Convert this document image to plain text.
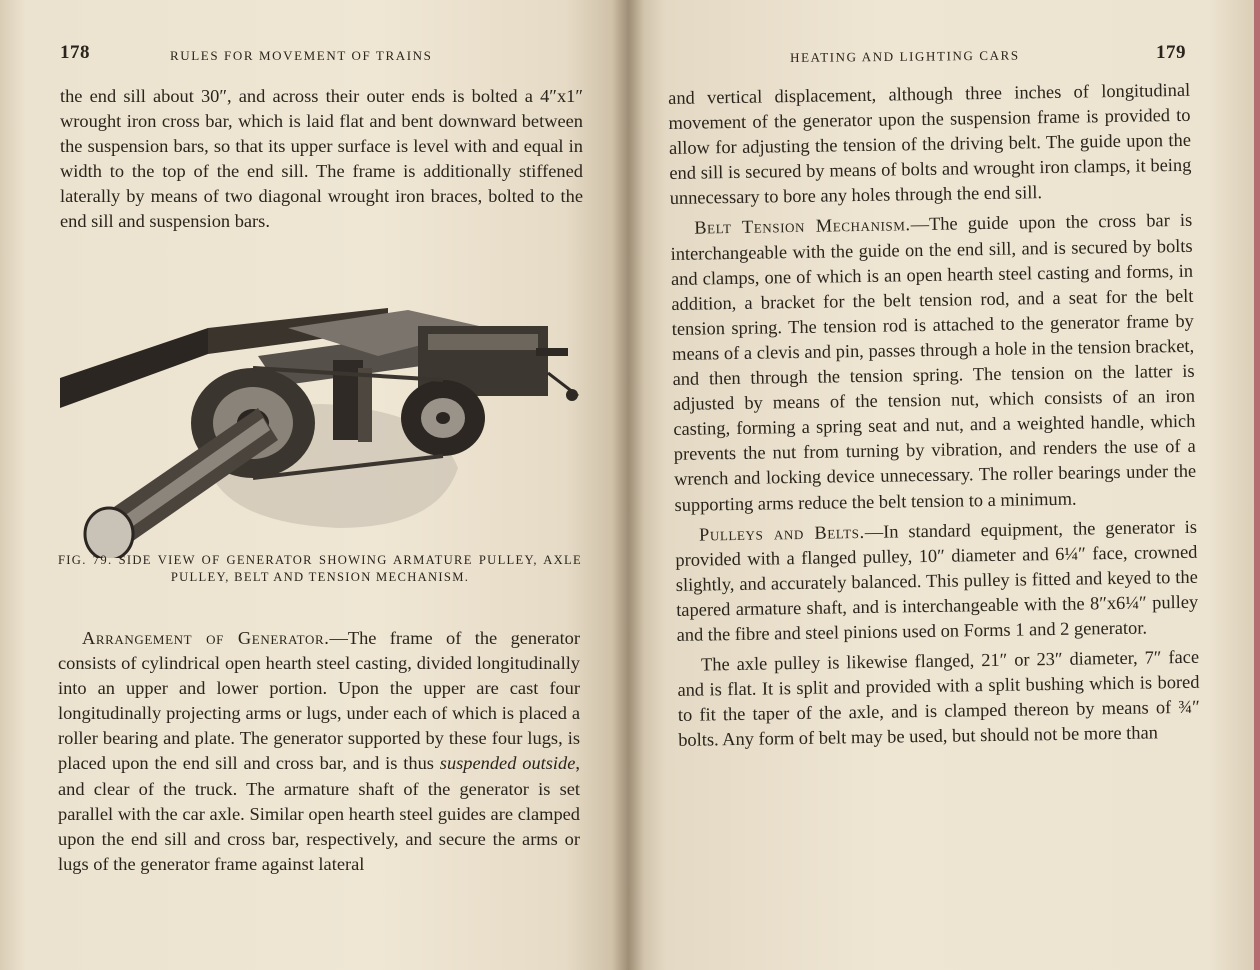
178	RULES FOR MOVEMENT OF TRAINS

the end sill about 30″, and across their outer ends is bolted a 4″x1″ wrought iron cross bar, which is laid flat and bent downward between the suspension bars, so that its upper surface is level with and equal in width to the top of the end sill. The frame is additionally stiffened laterally by means of two diagonal wrought iron braces, bolted to the end sill and suspension bars.

FIG. 79. SIDE VIEW OF GENERATOR SHOWING ARMATURE PULLEY, AXLE PULLEY, BELT AND TENSION MECHANISM.

Arrangement of Generator.—The frame of the generator consists of cylindrical open hearth steel casting, divided longitudinally into an upper and lower portion. Upon the upper are cast four longitudinally projecting arms or lugs, under each of which is placed a roller bearing and plate. The generator supported by these four lugs, is placed upon the end sill and cross bar, and is thus suspended outside, and clear of the truck. The armature shaft of the generator is set parallel with the car axle. Similar open hearth steel guides are clamped upon the end sill and cross bar, respectively, and secure the arms or lugs of the generator frame against lateral

HEATING AND LIGHTING CARS	179

and vertical displacement, although three inches of longitudinal movement of the generator upon the suspension frame is provided to allow for adjusting the tension of the driving belt. The guide upon the end sill is secured by means of bolts and wrought iron clamps, it being unnecessary to bore any holes through the end sill.

Belt Tension Mechanism.—The guide upon the cross bar is interchangeable with the guide on the end sill, and is secured by bolts and clamps, one of which is an open hearth steel casting and forms, in addition, a bracket for the belt tension rod, and a seat for the belt tension spring. The tension rod is attached to the generator frame by means of a clevis and pin, passes through a hole in the tension bracket, and then through the tension spring. The tension on the latter is adjusted by means of the tension nut, which consists of an iron casting, forming a spring seat and nut, and a weighted handle, which prevents the nut from turning by vibration, and renders the use of a wrench and locking device unnecessary. The roller bearings under the supporting arms reduce the belt tension to a minimum.

Pulleys and Belts.—In standard equipment, the generator is provided with a flanged pulley, 10″ diameter and 6¼″ face, crowned slightly, and accurately balanced. This pulley is fitted and keyed to the tapered armature shaft, and is interchangeable with the 8″x6¼″ pulley and the fibre and steel pinions used on Forms 1 and 2 generator.

The axle pulley is likewise flanged, 21″ or 23″ diameter, 7″ face and is flat. It is split and provided with a split bushing which is bored to fit the taper of the axle, and is clamped thereon by means of ¾″ bolts. Any form of belt may be used, but should not be more than
